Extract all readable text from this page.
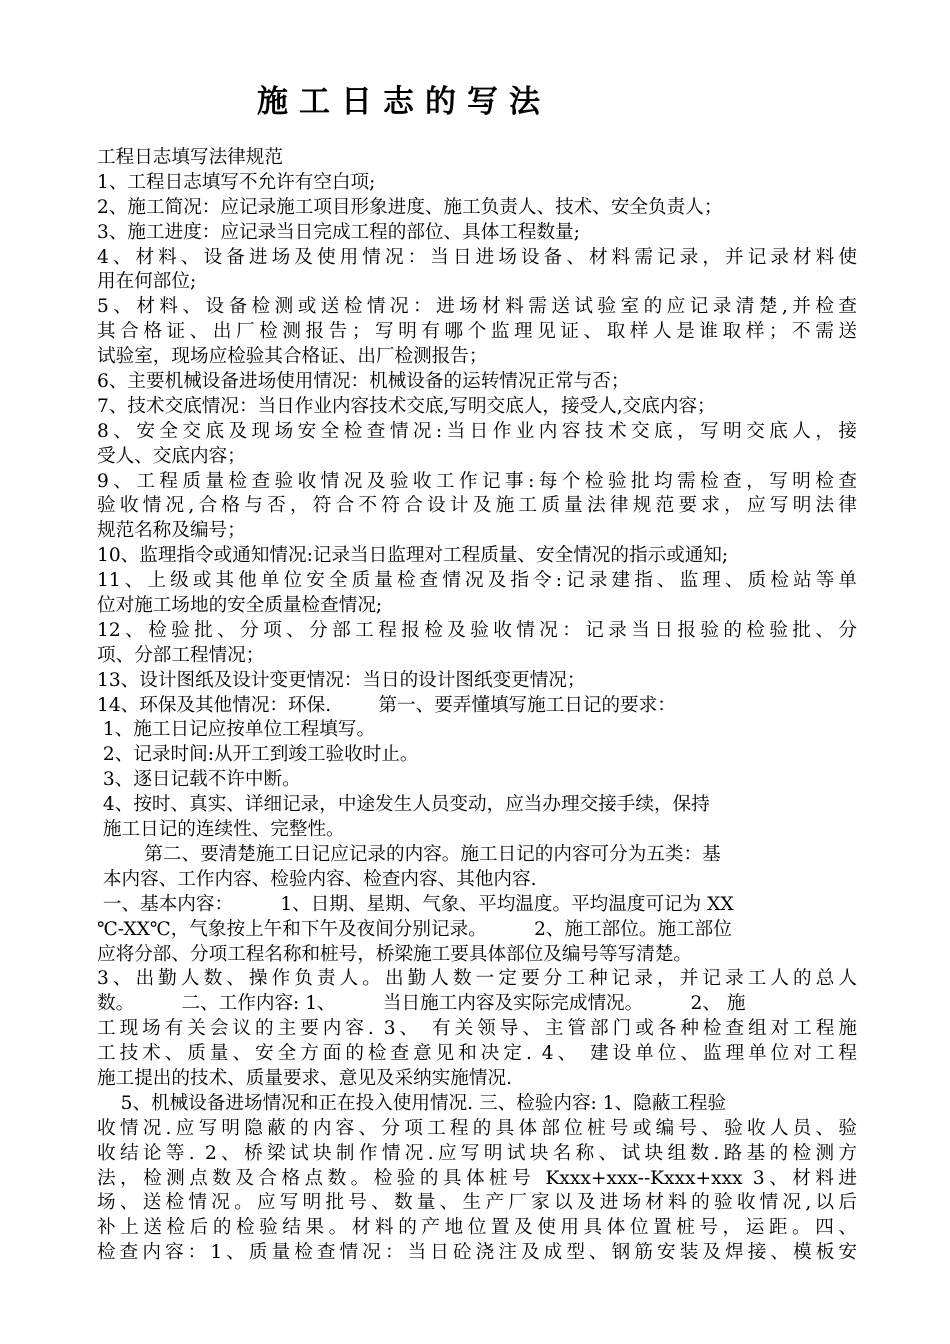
施工日志的写法
工程日志填写法律规范
1、工程日志填写不允许有空白项;
2、施工简况：应记录施工项目形象进度、施工负责人、技术、安全负责人；
3、施工进度：应记录当日完成工程的部位、具体工程数量;
4、材料、设备进场及使用情况：当日进场设备、材料需记录，并记录材料使
用在何部位;
5、材料、设备检测或送检情况：进场材料需送试验室的应记录清楚,并检查
其合格证、出厂检测报告；写明有哪个监理见证、取样人是谁取样；不需送
试验室，现场应检验其合格证、出厂检测报告；
6、主要机械设备进场使用情况：机械设备的运转情况正常与否；
7、技术交底情况：当日作业内容技术交底,写明交底人，接受人,交底内容；
8、安全交底及现场安全检查情况:当日作业内容技术交底，写明交底人，接
受人、交底内容；
9、工程质量检查验收情况及验收工作记事:每个检验批均需检查，写明检查
验收情况,合格与否，符合不符合设计及施工质量法律规范要求，应写明法律
规范名称及编号；
10、监理指令或通知情况:记录当日监理对工程质量、安全情况的指示或通知;
11、上级或其他单位安全质量检查情况及指令:记录建指、监理、质检站等单
位对施工场地的安全质量检查情况;
12、检验批、分项、分部工程报检及验收情况：记录当日报验的检验批、分
项、分部工程情况；
13、设计图纸及设计变更情况：当日的设计图纸变更情况；
14、环保及其他情况：环保.        第一、要弄懂填写施工日记的要求：
1、施工日记应按单位工程填写。
2、记录时间:从开工到竣工验收时止。
3、逐日记载不许中断。
4、按时、真实、详细记录，中途发生人员变动，应当办理交接手续，保持
施工日记的连续性、完整性。
第二、要清楚施工日记应记录的内容。施工日记的内容可分为五类：基
本内容、工作内容、检验内容、检查内容、其他内容.
一、基本内容：        1、日期、星期、气象、平均温度。平均温度可记为 XX
℃-XX℃，气象按上午和下午及夜间分别记录。        2、施工部位。施工部位
应将分部、分项工程名称和桩号，桥梁施工要具体部位及编号等写清楚。
3、出勤人数、操作负责人。出勤人数一定要分工种记录，并记录工人的总人
数。        二、工作内容: 1、        当日施工内容及实际完成情况。        2、 施
工现场有关会议的主要内容. 3、 有关领导、主管部门或各种检查组对工程施
工技术、质量、安全方面的检查意见和决定. 4、 建设单位、监理单位对工程
施工提出的技术、质量要求、意见及采纳实施情况.
5、机械设备进场情况和正在投入使用情况. 三、检验内容: 1、隐蔽工程验
收情况.应写明隐蔽的内容、分项工程的具体部位桩号或编号、验收人员、验
收结论等. 2、桥梁试块制作情况.应写明试块名称、试块组数.路基的检测方
法，检测点数及合格点数。检验的具体桩号 Kxxx+xxx--Kxxx+xxx 3、材料进
场、送检情况。应写明批号、数量、生产厂家以及进场材料的验收情况,以后
补上送检后的检验结果。材料的产地位置及使用具体位置桩号，运距。四、
检查内容：1、质量检查情况：当日砼浇注及成型、钢筋安装及焊接、模板安
